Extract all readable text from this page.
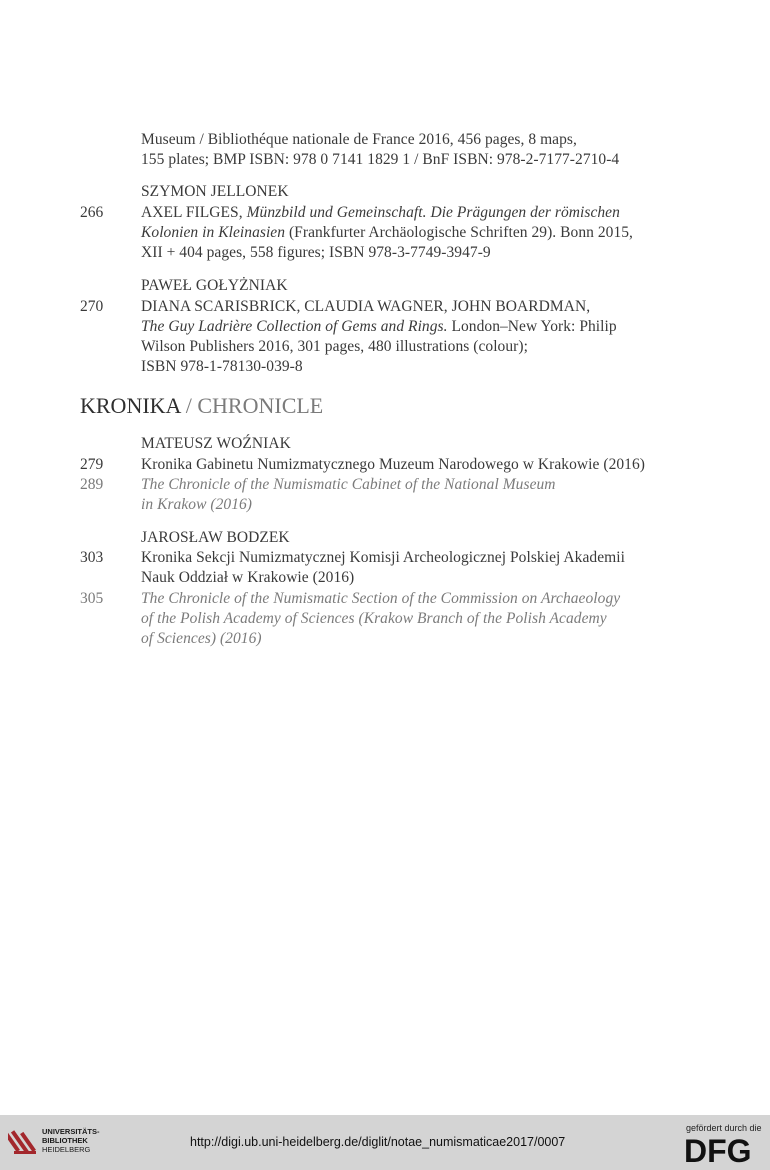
Museum / Bibliothéque nationale de France 2016, 456 pages, 8 maps,
155 plates; BMP ISBN: 978 0 7141 1829 1 / BnF ISBN: 978-2-7177-2710-4
SZYMON JELLONEK
266 AXEL FILGES, Münzbild und Gemeinschaft. Die Prägungen der römischen
Kolonien in Kleinasien (Frankfurter Archäologische Schriften 29). Bonn 2015,
XII + 404 pages, 558 figures; ISBN 978-3-7749-3947-9
PAWEŁ GOŁYŻNIAK
270 DIANA SCARISBRICK, CLAUDIA WAGNER, JOHN BOARDMAN,
The Guy Ladrière Collection of Gems and Rings. London–New York: Philip
Wilson Publishers 2016, 301 pages, 480 illustrations (colour);
ISBN 978-1-78130-039-8
KRONIKA / CHRONICLE
MATEUSZ WOŹNIAK
279 Kronika Gabinetu Numizmatycznego Muzeum Narodowego w Krakowie (2016)
289 The Chronicle of the Numismatic Cabinet of the National Museum
in Krakow (2016)
JAROSŁAW BODZEK
303 Kronika Sekcji Numizmatycznej Komisji Archeologicznej Polskiej Akademii
Nauk Oddział w Krakowie (2016)
305 The Chronicle of the Numismatic Section of the Commission on Archaeology
of the Polish Academy of Sciences (Krakow Branch of the Polish Academy
of Sciences) (2016)
UNIVERSITÄTS-
BIBLIOTHEK
HEIDELBERG
http://digi.ub.uni-heidelberg.de/diglit/notae_numismaticae2017/0007
gefördert durch die
DFG
